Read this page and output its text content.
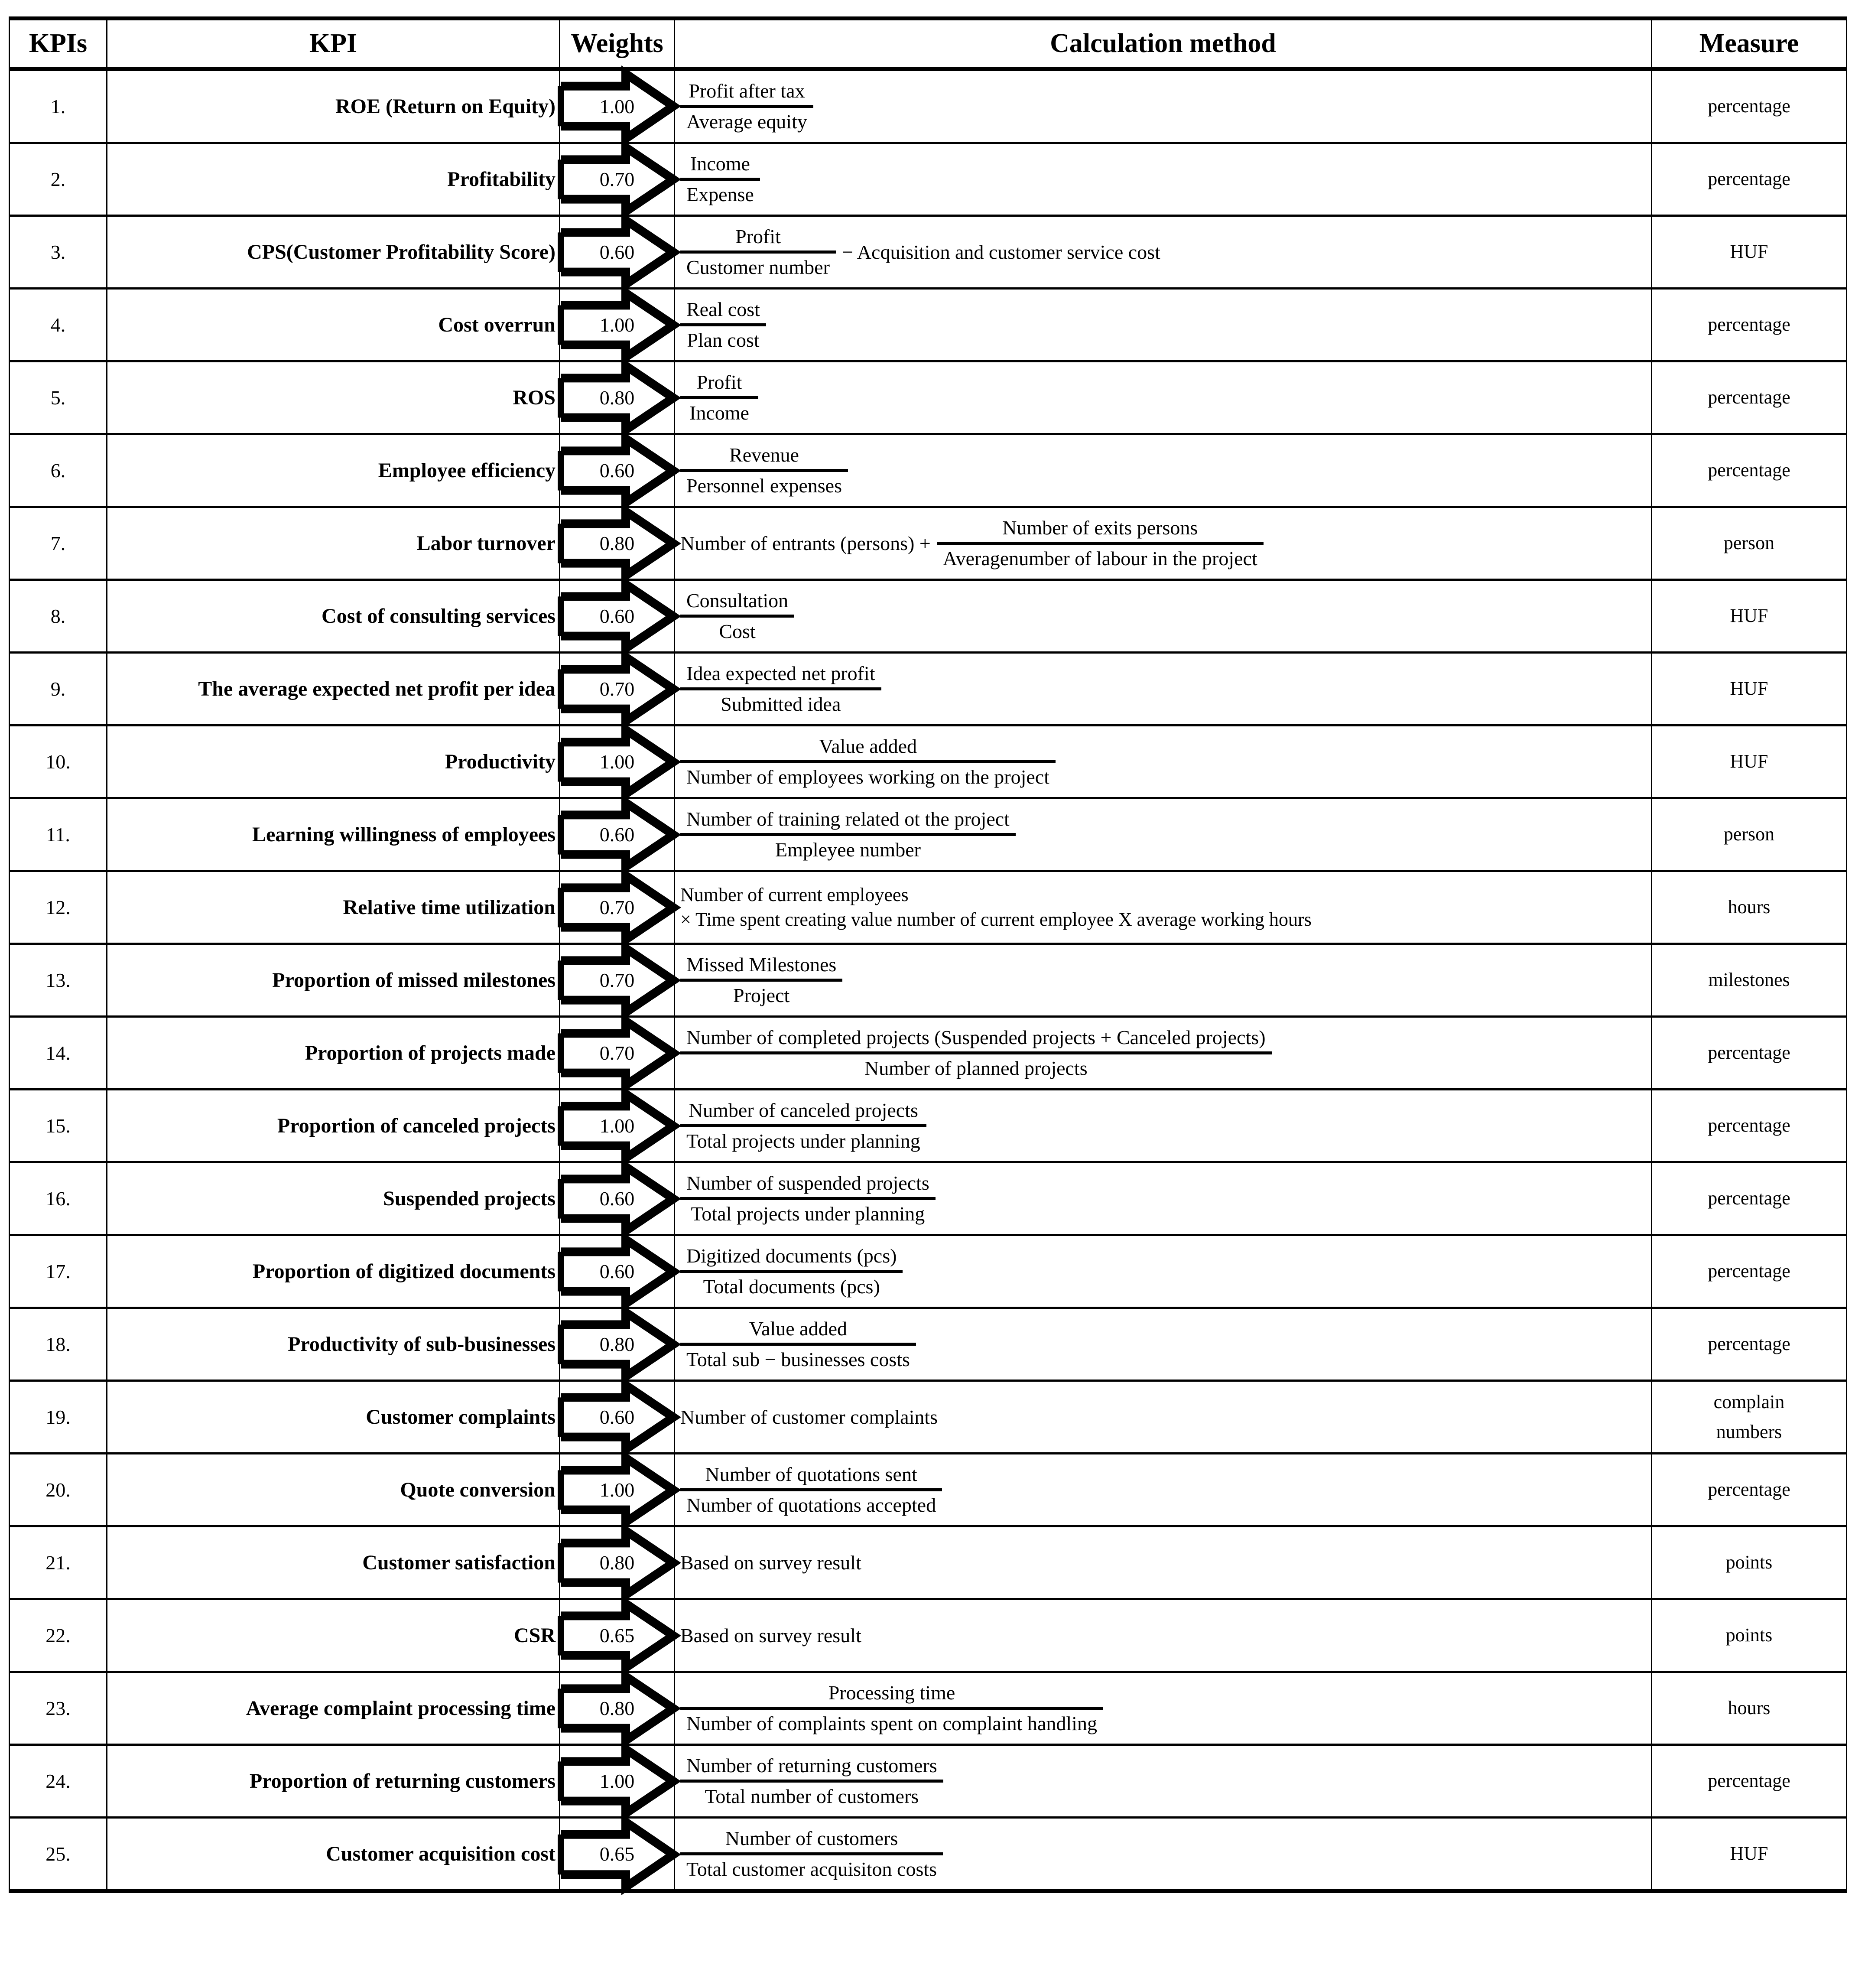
KPIs	KPI	Weights	Calculation method	Measure
1.	ROE (Return on Equity)	1.00	Profit after tax
Average equity	percentage
2.	Profitability	0.70	Income
Expense	percentage
3.	CPS(Customer Profitability Score)	0.60	Profit
Customer number
− Acquisition and customer service cost	HUF
4.	Cost overrun	1.00	Real cost
Plan cost	percentage
5.	ROS	0.80	Profit
Income	percentage
6.	Employee efficiency	0.60	Revenue
Personnel expenses	percentage
7.	Labor turnover	0.80	Number of entrants (persons) +
Number of exits persons
Averagenumber of labour in the project	person
8.	Cost of consulting services	0.60	Consultation
Cost	HUF
9.	The average expected net profit per idea	0.70	Idea expected net profit
Submitted idea	HUF
10.	Productivity	1.00	Value added
Number of employees working on the project	HUF
11.	Learning willingness of employees	0.60	Number of training related ot the project
Empleyee number	person
12.	Relative time utilization	0.70	Number of current employees
× Time spent creating value number of current employee X average working hours	hours
13.	Proportion of missed milestones	0.70	Missed Milestones
Project	milestones
14.	Proportion of projects made	0.70	Number of completed projects (Suspended projects + Canceled projects)
Number of planned projects	percentage
15.	Proportion of canceled projects	1.00	Number of canceled projects
Total projects under planning	percentage
16.	Suspended projects	0.60	Number of suspended projects
Total projects under planning	percentage
17.	Proportion of digitized documents	0.60	Digitized documents (pcs)
Total documents (pcs)	percentage
18.	Productivity of sub-businesses	0.80	Value added
Total sub − businesses costs	percentage
19.	Customer complaints	0.60	Number of customer complaints	complain
numbers

20.	Quote conversion	1.00	Number of quotations sent
Number of quotations accepted	percentage
21.	Customer satisfaction	0.80	Based on survey result	points
22.	CSR	0.65	Based on survey result	points
23.	Average complaint processing time	0.80	Processing time
Number of complaints spent on complaint handling	hours
24.	Proportion of returning customers	1.00	Number of returning customers
Total number of customers	percentage
25.	Customer acquisition cost	0.65	Number of customers
Total customer acquisiton costs	HUF
